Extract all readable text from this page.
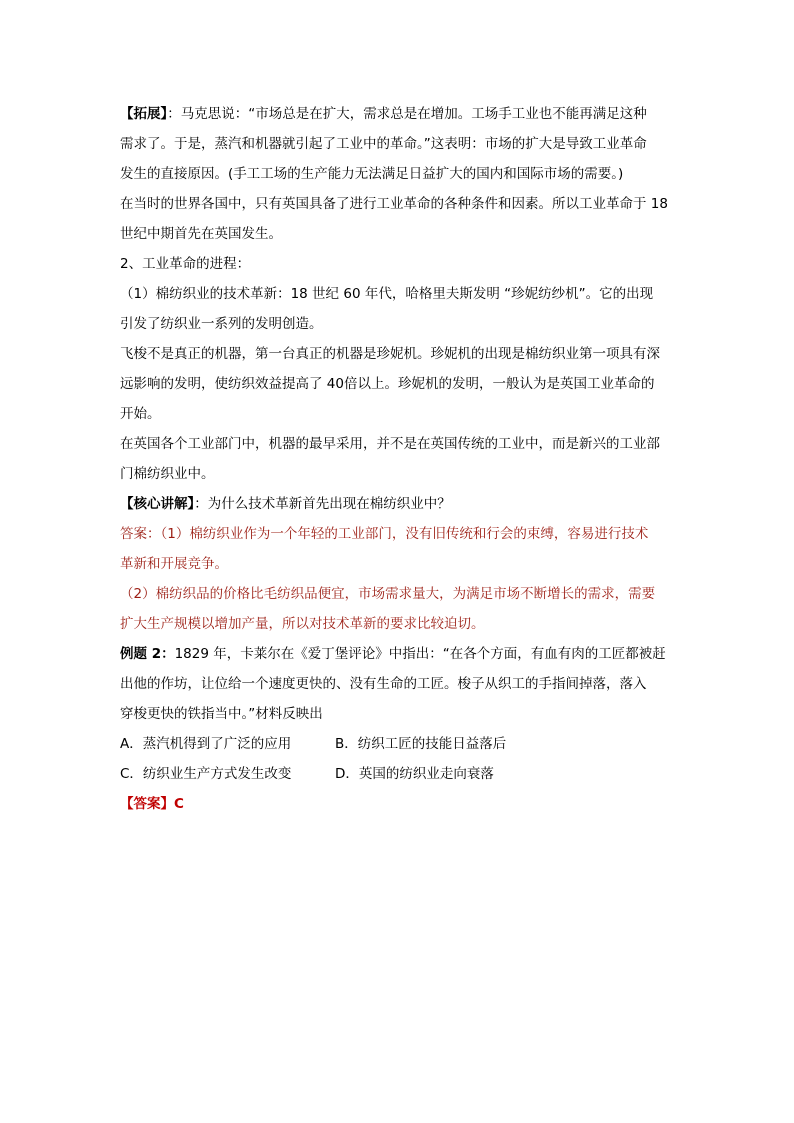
【拓展】：马克思说：“市场总是在扩大，需求总是在增加。工场手工业也不能再满足这种
需求了。于是，蒸汽和机器就引起了工业中的革命。”这表明：市场的扩大是导致工业革命
发生的直接原因。(手工工场的生产能力无法满足日益扩大的国内和国际市场的需要。)
在当时的世界各国中，只有英国具备了进行工业革命的各种条件和因素。所以工业革命于 18
世纪中期首先在英国发生。
2、工业革命的进程：
（1）棉纺织业的技术革新：18 世纪 60 年代，哈格里夫斯发明 “珍妮纺纱机”。它的出现
引发了纺织业一系列的发明创造。
飞梭不是真正的机器，第一台真正的机器是珍妮机。珍妮机的出现是棉纺织业第一项具有深
远影响的发明，使纺织效益提高了 40倍以上。珍妮机的发明，一般认为是英国工业革命的
开始。
在英国各个工业部门中，机器的最早采用，并不是在英国传统的工业中，而是新兴的工业部
门棉纺织业中。
【核心讲解】：为什么技术革新首先出现在棉纺织业中？
答案：（1）棉纺织业作为一个年轻的工业部门，没有旧传统和行会的束缚，容易进行技术
革新和开展竞争。
（2）棉纺织品的价格比毛纺织品便宜，市场需求量大，为满足市场不断增长的需求，需要
扩大生产规模以增加产量，所以对技术革新的要求比较迫切。
例题 2：1829 年，卡莱尔在《爱丁堡评论》中指出：“在各个方面，有血有肉的工匠都被赶
出他的作坊，让位给一个速度更快的、没有生命的工匠。梭子从织工的手指间掉落，落入
穿梭更快的铁指当中。”材料反映出
A．蒸汽机得到了广泛的应用	B．纺织工匠的技能日益落后
C．纺织业生产方式发生改变	D．英国的纺织业走向衰落
【答案】C
